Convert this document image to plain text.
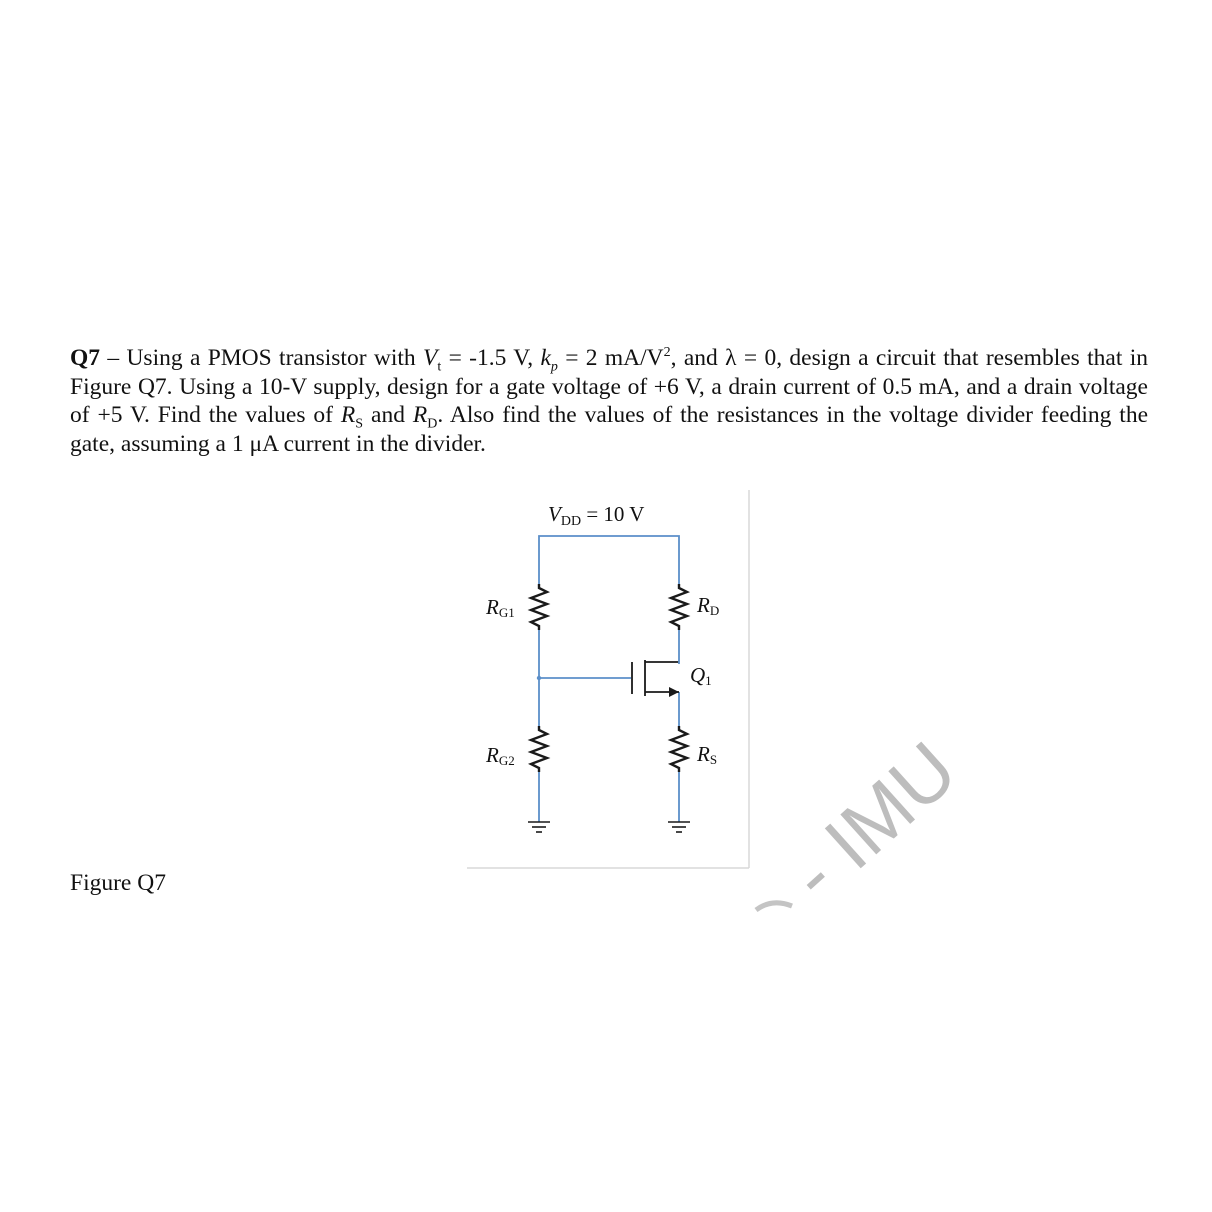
Q7 – Using a PMOS transistor with $V_t = -1.5$ V, $k_p = 2$ $mA/V^2$, and λ = 0, design a circuit that resembles that in Figure Q7. Using a 10-V supply, design for a gate voltage of +6 V, a drain current of 0.5 mA, and a drain voltage of +5 V. Find the values of $R_S$ and $R_D$. Also find the values of the resistances in the voltage divider feeding the gate, assuming a 1 μA current in the divider.

Figure Q7

VDD = 10 V
RG1
RG2
RD
RS
Q1
- IMU
